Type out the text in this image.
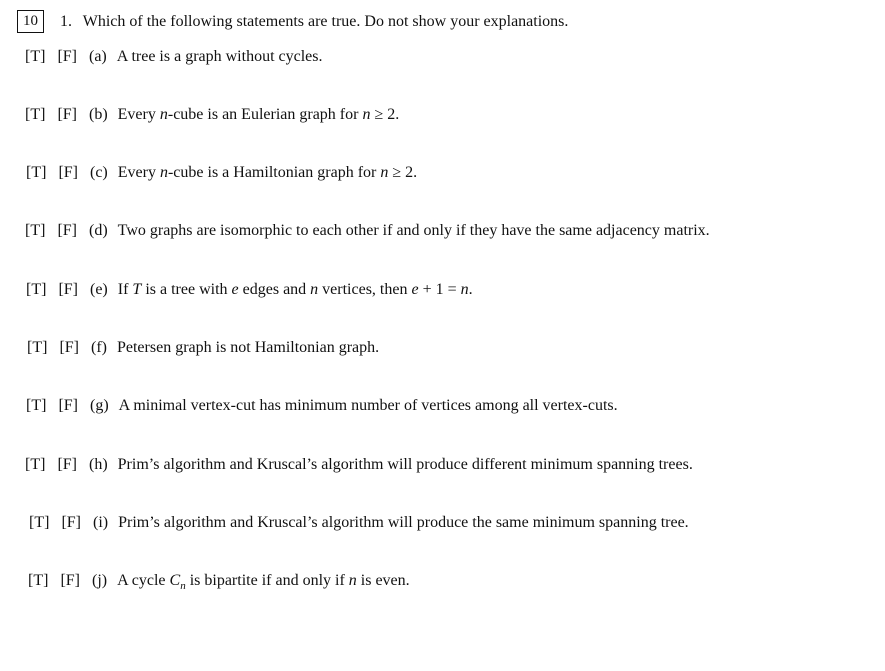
10	1. Which of the following statements are true. Do not show your explanations.
[T] [F] (a) A tree is a graph without cycles.
[T] [F] (b) Every n-cube is an Eulerian graph for n ≥ 2.
[T] [F] (c) Every n-cube is a Hamiltonian graph for n ≥ 2.
[T] [F] (d) Two graphs are isomorphic to each other if and only if they have the same adjacency matrix.
[T] [F] (e) If T is a tree with e edges and n vertices, then e + 1 = n.
[T] [F] (f) Petersen graph is not Hamiltonian graph.
[T] [F] (g) A minimal vertex-cut has minimum number of vertices among all vertex-cuts.
[T] [F] (h) Prim’s algorithm and Kruscal’s algorithm will produce different minimum spanning trees.
[T] [F] (i) Prim’s algorithm and Kruscal’s algorithm will produce the same minimum spanning tree.
[T] [F] (j) A cycle $C_n$ is bipartite if and only if n is even.
